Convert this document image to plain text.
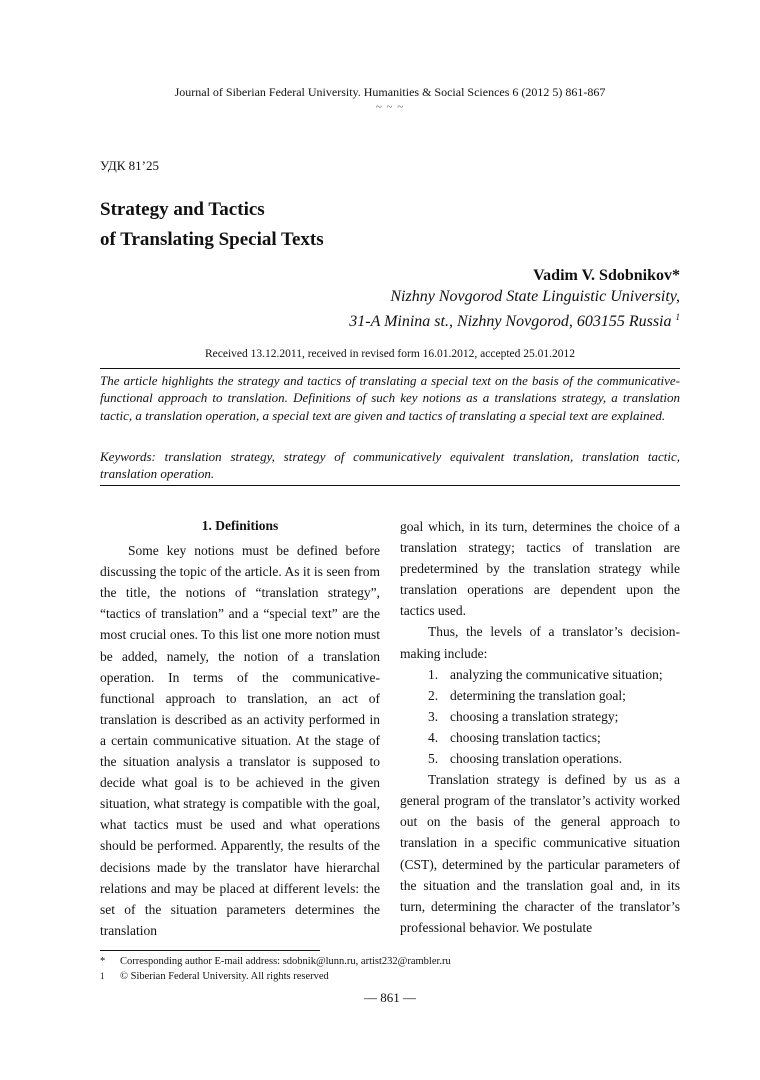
Journal of Siberian Federal University. Humanities & Social Sciences 6 (2012 5) 861-867
~ ~ ~
УДК 81’25
Strategy and Tactics
of Translating Special Texts
Vadim V. Sdobnikov*
Nizhny Novgorod State Linguistic University,
31-A Minina st., Nizhny Novgorod, 603155 Russia $^1$
Received 13.12.2011, received in revised form 16.01.2012, accepted 25.01.2012
The article highlights the strategy and tactics of translating a special text on the basis of the communicative-functional approach to translation. Definitions of such key notions as a translations strategy, a translation tactic, a translation operation, a special text are given and tactics of translating a special text are explained.
Keywords: translation strategy, strategy of communicatively equivalent translation, translation tactic, translation operation.

1. Definitions

Some key notions must be defined before discussing the topic of the article. As it is seen from the title, the notions of “translation strategy”, “tactics of translation” and a “special text” are the most crucial ones. To this list one more notion must be added, namely, the notion of a translation operation. In terms of the communicative-functional approach to translation, an act of translation is described as an activity performed in a certain communicative situation. At the stage of the situation analysis a translator is supposed to decide what goal is to be achieved in the given situation, what strategy is compatible with the goal, what tactics must be used and what operations should be performed. Apparently, the results of the decisions made by the translator have hierarchal relations and may be placed at different levels: the set of the situation parameters determines the translation

goal which, in its turn, determines the choice of a translation strategy; tactics of translation are predetermined by the translation strategy while translation operations are dependent upon the tactics used.

Thus, the levels of a translator’s decision-making include:

1. analyzing the communicative situation;
2. determining the translation goal;
3. choosing a translation strategy;
4. choosing translation tactics;
5. choosing translation operations.

Translation strategy is defined by us as a general program of the translator’s activity worked out on the basis of the general approach to translation in a specific communicative situation (CST), determined by the particular parameters of the situation and the translation goal and, in its turn, determining the character of the translator’s professional behavior. We postulate

* Corresponding author E-mail address: sdobnik@lunn.ru, artist232@rambler.ru
1 © Siberian Federal University. All rights reserved
— 861 —
